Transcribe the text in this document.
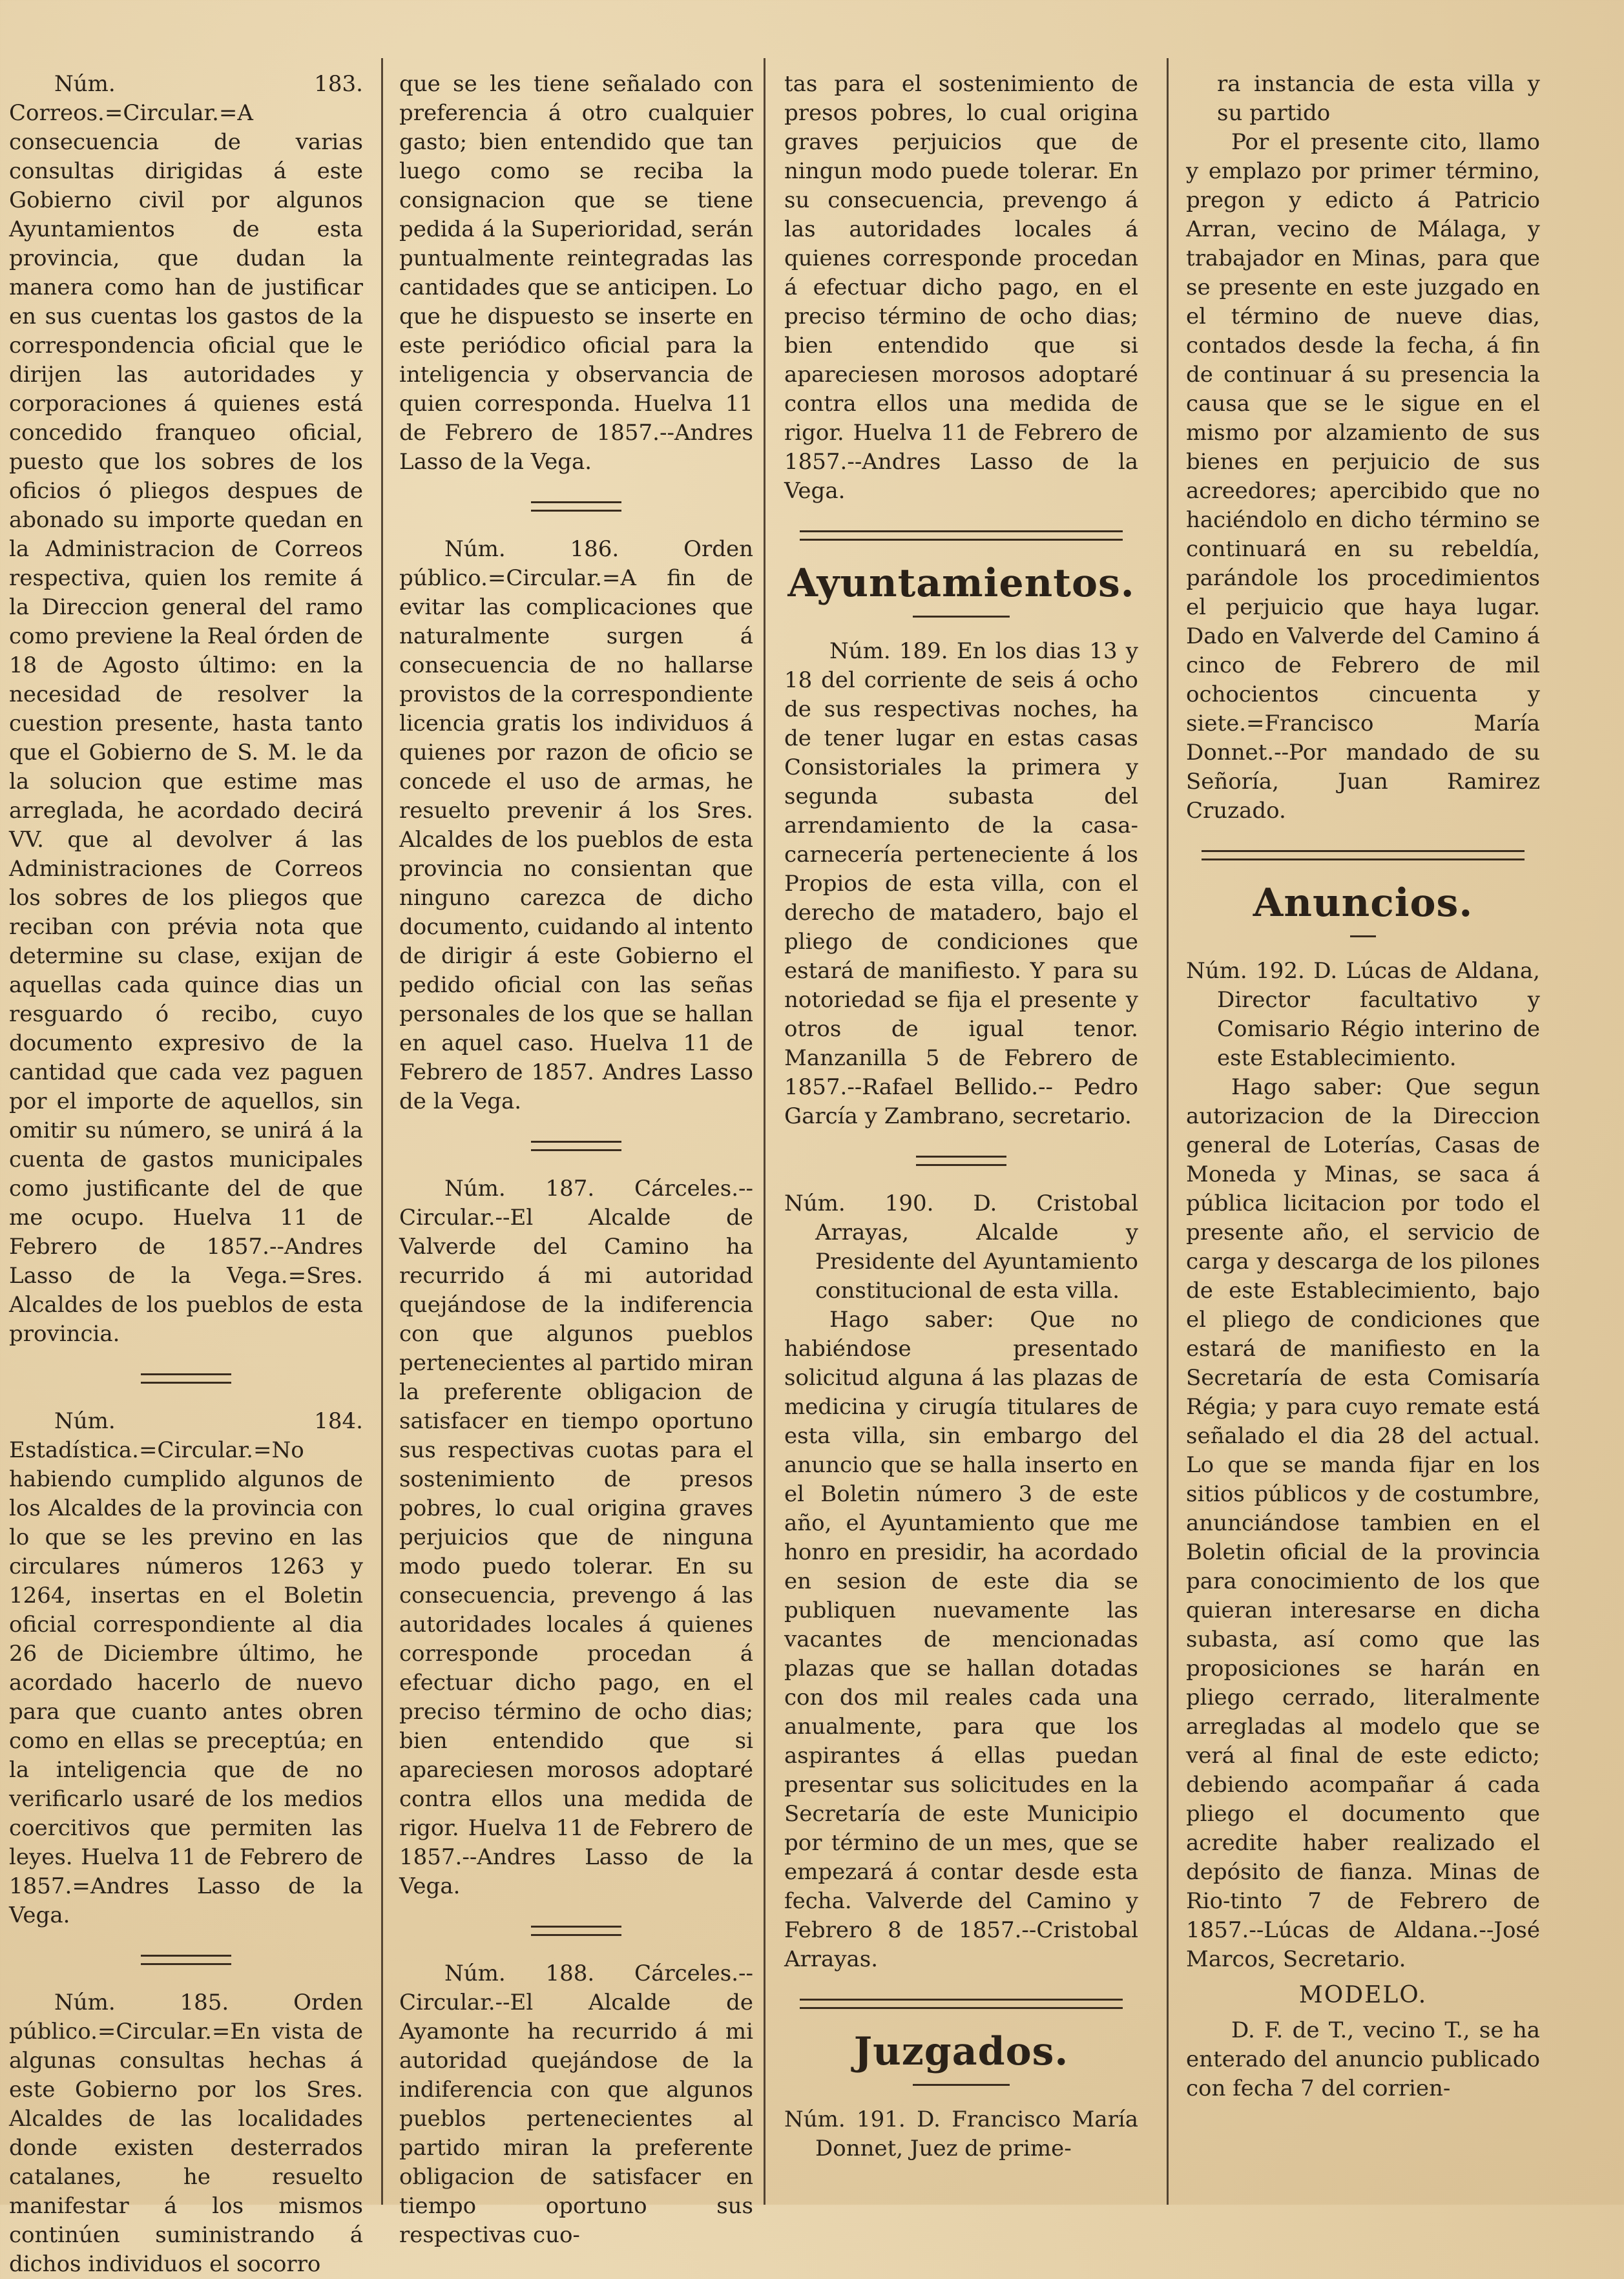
Núm. 183. Correos.=Circular.=A consecuencia de varias consultas dirigidas á este Gobierno civil por algunos Ayuntamientos de esta provincia, que dudan la manera como han de justificar en sus cuentas los gastos de la correspondencia oficial que le dirijen las autoridades y corporaciones á quienes está concedido franqueo oficial, puesto que los sobres de los oficios ó pliegos despues de abonado su importe quedan en la Administracion de Correos respectiva, quien los remite á la Direccion general del ramo como previene la Real órden de 18 de Agosto último: en la necesidad de resolver la cuestion presente, hasta tanto que el Gobierno de S. M. le da la solucion que estime mas arreglada, he acordado decirá VV. que al devolver á las Administraciones de Correos los sobres de los pliegos que reciban con prévia nota que determine su clase, exijan de aquellas cada quince dias un resguardo ó recibo, cuyo documento expresivo de la cantidad que cada vez paguen por el importe de aquellos, sin omitir su número, se unirá á la cuenta de gastos municipales como justificante del de que me ocupo. Huelva 11 de Febrero de 1857.--Andres Lasso de la Vega.=Sres. Alcaldes de los pueblos de esta provincia.

Núm. 184. Estadística.=Circular.=No habiendo cumplido algunos de los Alcaldes de la provincia con lo que se les previno en las circulares números 1263 y 1264, insertas en el Boletin oficial correspondiente al dia 26 de Diciembre último, he acordado hacerlo de nuevo para que cuanto antes obren como en ellas se preceptúa; en la inteligencia que de no verificarlo usaré de los medios coercitivos que permiten las leyes. Huelva 11 de Febrero de 1857.=Andres Lasso de la Vega.

Núm. 185. Orden público.=Circular.=En vista de algunas consultas hechas á este Gobierno por los Sres. Alcaldes de las localidades donde existen desterrados catalanes, he resuelto manifestar á los mismos continúen suministrando á dichos individuos el socorro

que se les tiene señalado con preferencia á otro cualquier gasto; bien entendido que tan luego como se reciba la consignacion que se tiene pedida á la Superioridad, serán puntualmente reintegradas las cantidades que se anticipen. Lo que he dispuesto se inserte en este periódico oficial para la inteligencia y observancia de quien corresponda. Huelva 11 de Febrero de 1857.--Andres Lasso de la Vega.

Núm. 186. Orden público.=Circular.=A fin de evitar las complicaciones que naturalmente surgen á consecuencia de no hallarse provistos de la correspondiente licencia gratis los individuos á quienes por razon de oficio se concede el uso de armas, he resuelto prevenir á los Sres. Alcaldes de los pueblos de esta provincia no consientan que ninguno carezca de dicho documento, cuidando al intento de dirigir á este Gobierno el pedido oficial con las señas personales de los que se hallan en aquel caso. Huelva 11 de Febrero de 1857. Andres Lasso de la Vega.

Núm. 187. Cárceles.--Circular.--El Alcalde de Valverde del Camino ha recurrido á mi autoridad quejándose de la indiferencia con que algunos pueblos pertenecientes al partido miran la preferente obligacion de satisfacer en tiempo oportuno sus respectivas cuotas para el sostenimiento de presos pobres, lo cual origina graves perjuicios que de ninguna modo puedo tolerar. En su consecuencia, prevengo á las autoridades locales á quienes corresponde procedan á efectuar dicho pago, en el preciso término de ocho dias; bien entendido que si apareciesen morosos adoptaré contra ellos una medida de rigor. Huelva 11 de Febrero de 1857.--Andres Lasso de la Vega.

Núm. 188. Cárceles.--Circular.--El Alcalde de Ayamonte ha recurrido á mi autoridad quejándose de la indiferencia con que algunos pueblos pertenecientes al partido miran la preferente obligacion de satisfacer en tiempo oportuno sus respectivas cuo-

tas para el sostenimiento de presos pobres, lo cual origina graves perjuicios que de ningun modo puede tolerar. En su consecuencia, prevengo á las autoridades locales á quienes corresponde procedan á efectuar dicho pago, en el preciso término de ocho dias; bien entendido que si apareciesen morosos adoptaré contra ellos una medida de rigor. Huelva 11 de Febrero de 1857.--Andres Lasso de la Vega.

Ayuntamientos.

Núm. 189. En los dias 13 y 18 del corriente de seis á ocho de sus respectivas noches, ha de tener lugar en estas casas Consistoriales la primera y segunda subasta del arrendamiento de la casa-carnecería perteneciente á los Propios de esta villa, con el derecho de matadero, bajo el pliego de condiciones que estará de manifiesto. Y para su notoriedad se fija el presente y otros de igual tenor. Manzanilla 5 de Febrero de 1857.--Rafael Bellido.-- Pedro García y Zambrano, secretario.

Núm. 190. D. Cristobal Arrayas, Alcalde y Presidente del Ayuntamiento constitucional de esta villa.

Hago saber: Que no habiéndose presentado solicitud alguna á las plazas de medicina y cirugía titulares de esta villa, sin embargo del anuncio que se halla inserto en el Boletin número 3 de este año, el Ayuntamiento que me honro en presidir, ha acordado en sesion de este dia se publiquen nuevamente las vacantes de mencionadas plazas que se hallan dotadas con dos mil reales cada una anualmente, para que los aspirantes á ellas puedan presentar sus solicitudes en la Secretaría de este Municipio por término de un mes, que se empezará á contar desde esta fecha. Valverde del Camino y Febrero 8 de 1857.--Cristobal Arrayas.

Juzgados.

Núm. 191. D. Francisco María Donnet, Juez de prime-

ra instancia de esta villa y su partido

Por el presente cito, llamo y emplazo por primer término, pregon y edicto á Patricio Arran, vecino de Málaga, y trabajador en Minas, para que se presente en este juzgado en el término de nueve dias, contados desde la fecha, á fin de continuar á su presencia la causa que se le sigue en el mismo por alzamiento de sus bienes en perjuicio de sus acreedores; apercibido que no haciéndolo en dicho término se continuará en su rebeldía, parándole los procedimientos el perjuicio que haya lugar. Dado en Valverde del Camino á cinco de Febrero de mil ochocientos cincuenta y siete.=Francisco María Donnet.--Por mandado de su Señoría, Juan Ramirez Cruzado.

Anuncios.

Núm. 192. D. Lúcas de Aldana, Director facultativo y Comisario Régio interino de este Establecimiento.

Hago saber: Que segun autorizacion de la Direccion general de Loterías, Casas de Moneda y Minas, se saca á pública licitacion por todo el presente año, el servicio de carga y descarga de los pilones de este Establecimiento, bajo el pliego de condiciones que estará de manifiesto en la Secretaría de esta Comisaría Régia; y para cuyo remate está señalado el dia 28 del actual. Lo que se manda fijar en los sitios públicos y de costumbre, anunciándose tambien en el Boletin oficial de la provincia para conocimiento de los que quieran interesarse en dicha subasta, así como que las proposiciones se harán en pliego cerrado, literalmente arregladas al modelo que se verá al final de este edicto; debiendo acompañar á cada pliego el documento que acredite haber realizado el depósito de fianza. Minas de Rio-tinto 7 de Febrero de 1857.--Lúcas de Aldana.--José Marcos, Secretario.

MODELO.

D. F. de T., vecino T., se ha enterado del anuncio publicado con fecha 7 del corrien-
